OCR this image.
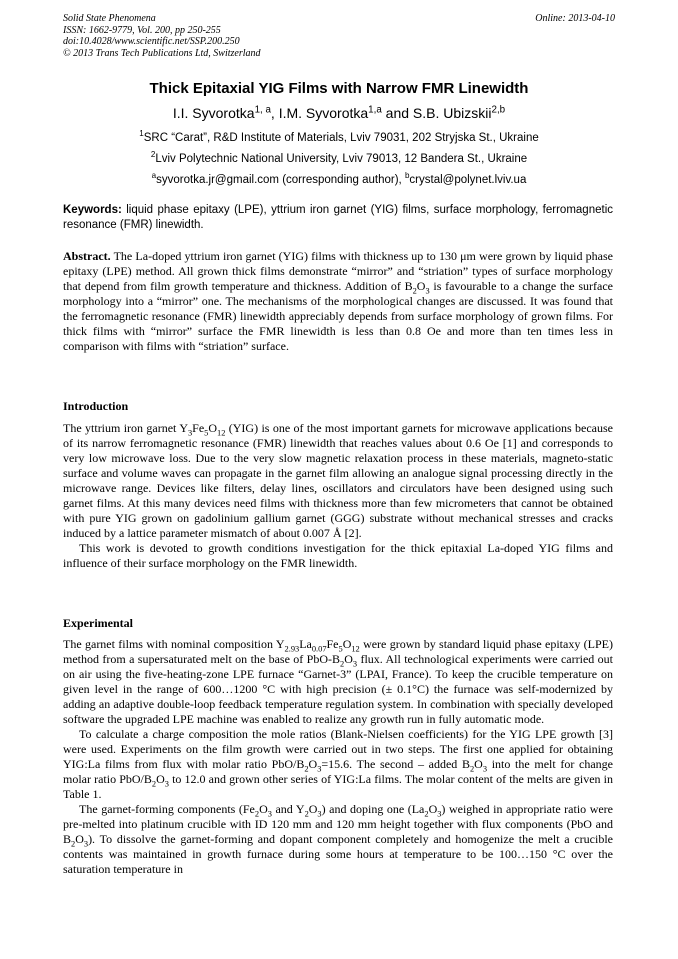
Solid State Phenomena
ISSN: 1662-9779, Vol. 200, pp 250-255
doi:10.4028/www.scientific.net/SSP.200.250
© 2013 Trans Tech Publications Ltd, Switzerland
Online: 2013-04-10
Thick Epitaxial YIG Films with Narrow FMR Linewidth
I.I. Syvorotka$^{1, a}$, I.M. Syvorotka$^{1,a}$ and S.B. Ubizskii$^{2,b}$
$^1$SRC “Carat”, R&D Institute of Materials, Lviv 79031, 202 Stryjska St., Ukraine
$^2$Lviv Polytechnic National University, Lviv 79013, 12 Bandera St., Ukraine
$^a$syvorotka.jr@gmail.com (corresponding author), $^b$crystal@polynet.lviv.ua
Keywords: liquid phase epitaxy (LPE), yttrium iron garnet (YIG) films, surface morphology, ferromagnetic resonance (FMR) linewidth.

Abstract. The La-doped yttrium iron garnet (YIG) films with thickness up to 130 μm were grown by liquid phase epitaxy (LPE) method. All grown thick films demonstrate “mirror” and “striation” types of surface morphology that depend from film growth temperature and thickness. Addition of $B_2O_3$ is favourable to a change the surface morphology into a “mirror” one. The mechanisms of the morphological changes are discussed. It was found that the ferromagnetic resonance (FMR) linewidth appreciably depends from surface morphology of grown films. For thick films with “mirror” surface the FMR linewidth is less than 0.8 Oe and more than ten times less in comparison with films with “striation” surface.

Introduction

The yttrium iron garnet $Y_3Fe_5O_{12}$ (YIG) is one of the most important garnets for microwave applications because of its narrow ferromagnetic resonance (FMR) linewidth that reaches values about 0.6 Oe [1] and corresponds to very low microwave loss. Due to the very slow magnetic relaxation process in these materials, magneto-static surface and volume waves can propagate in the garnet film allowing an analogue signal processing directly in the microwave range. Devices like filters, delay lines, oscillators and circulators have been designed using such garnet films. At this many devices need films with thickness more than few micrometers that cannot be obtained with pure YIG grown on gadolinium gallium garnet (GGG) substrate without mechanical stresses and cracks induced by a lattice parameter mismatch of about 0.007 Å [2].

This work is devoted to growth conditions investigation for the thick epitaxial La-doped YIG films and influence of their surface morphology on the FMR linewidth.

Experimental

The garnet films with nominal composition $Y_{2.93}La_{0.07}Fe_5O_{12}$ were grown by standard liquid phase epitaxy (LPE) method from a supersaturated melt on the base of PbO-$B_2O_3$ flux. All technological experiments were carried out on air using the five-heating-zone LPE furnace “Garnet-3” (LPAI, France). To keep the crucible temperature on given level in the range of 600…1200 °C with high precision (± 0.1°C) the furnace was self-modernized by adding an adaptive double-loop feedback temperature regulation system. In combination with specially developed software the upgraded LPE machine was enabled to realize any growth run in fully automatic mode.

To calculate a charge composition the mole ratios (Blank-Nielsen coefficients) for the YIG LPE growth [3] were used. Experiments on the film growth were carried out in two steps. The first one applied for obtaining YIG:La films from flux with molar ratio PbO/$B_2O_3=15.6$. The second – added $B_2O_3$ into the melt for change molar ratio PbO/$B_2O_3$ to 12.0 and grown other series of YIG:La films. The molar content of the melts are given in Table 1.

The garnet-forming components ($Fe_2O_3$ and $Y_2O_3$) and doping one $(La_2O_3)$ weighed in appropriate ratio were pre-melted into platinum crucible with ID 120 mm and 120 mm height together with flux components (PbO and $B_2O_3$). To dissolve the garnet-forming and dopant component completely and homogenize the melt a crucible contents was maintained in growth furnace during some hours at temperature to be 100…150 °C over the saturation temperature in
